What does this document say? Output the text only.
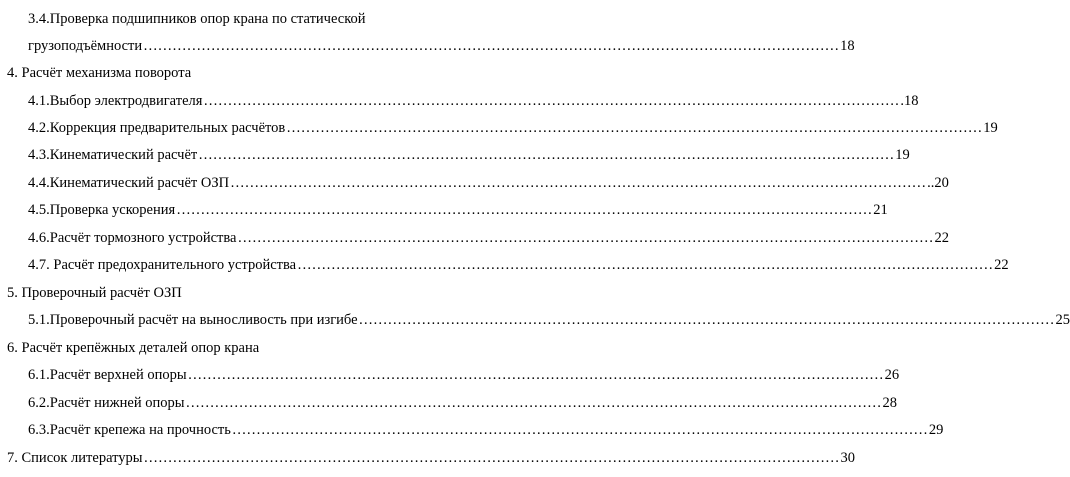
3.4.Проверка подшипников опор крана по статической
грузоподъёмности ……………………………………………………………………………………………………………………………… 18
4. Расчёт механизма поворота
4.1.Выбор электродвигателя ……………………………………………………………………………………………………………………………… .18
4.2.Коррекция предварительных расчётов ……………………………………………………………………………………………………………………………… 19
4.3.Кинематический расчёт ……………………………………………………………………………………………………………………………… 19
4.4.Кинематический расчёт ОЗП ……………………………………………………………………………………………………………………………… ..20
4.5.Проверка ускорения ……………………………………………………………………………………………………………………………… 21
4.6.Расчёт тормозного устройства ……………………………………………………………………………………………………………………………… 22
4.7. Расчёт предохранительного устройства ……………………………………………………………………………………………………………………………… 22
5. Проверочный расчёт ОЗП
5.1.Проверочный расчёт на выносливость при изгибе ……………………………………………………………………………………………………………………………… 25
6. Расчёт крепёжных деталей опор крана
6.1.Расчёт верхней опоры ……………………………………………………………………………………………………………………………… 26
6.2.Расчёт нижней опоры ……………………………………………………………………………………………………………………………… 28
6.3.Расчёт крепежа на прочность ……………………………………………………………………………………………………………………………… 29
7. Список литературы ……………………………………………………………………………………………………………………………… 30
